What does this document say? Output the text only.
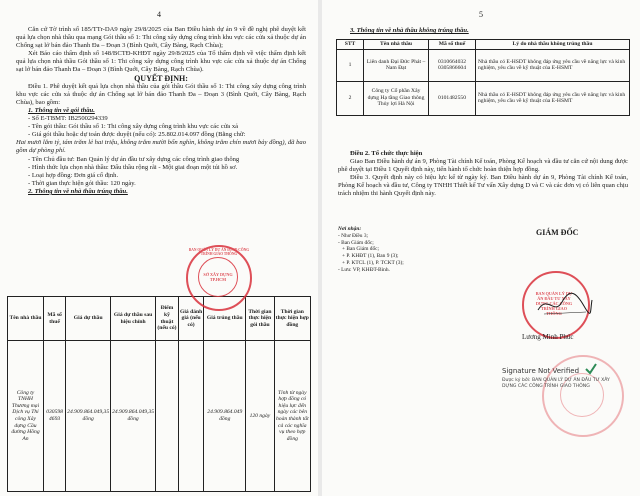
4

Căn cứ Tờ trình số 185/TTr-DA9 ngày 29/8/2025 của Ban Điều hành dự án 9 về đề nghị phê duyệt kết quả lựa chọn nhà thầu qua mạng Gói thầu số 1: Thi công xây dựng công trình khu vực các cửa xả thuộc dự án Chống sạt lở bán đảo Thanh Đa – Đoạn 3 (Bình Quới, Cây Bàng, Rạch Chùa);

Xét Báo cáo thẩm định số 148/BCTĐ-KHĐT ngày 29/8/2025 của Tổ thẩm định về việc thẩm định kết quả lựa chọn nhà thầu Gói thầu số 1: Thi công xây dựng công trình khu vực các cửa xả thuộc dự án Chống sạt lở bán đảo Thanh Đa – Đoạn 3 (Bình Quới, Cây Bàng, Rạch Chùa).

QUYẾT ĐỊNH:

Điều 1. Phê duyệt kết quả lựa chọn nhà thầu của gói thầu Gói thầu số 1: Thi công xây dựng công trình khu vực các cửa xả thuộc dự án Chống sạt lở bán đảo Thanh Đa – Đoạn 3 (Bình Quới, Cây Bàng, Rạch Chùa), bao gồm:

1. Thông tin về gói thầu.

- Số E-TBMT: IB2500294339

- Tên gói thầu: Gói thầu số 1: Thi công xây dựng công trình khu vực các cửa xả

- Giá gói thầu hoặc dự toán được duyệt (nếu có): 25.802.014.097 đồng (Bằng chữ:

Hai mươi lăm tỷ, tám trăm lẻ hai triệu, không trăm mười bốn nghìn, không trăm chín mươi bảy đồng), đã bao gồm dự phòng phí.

- Tên Chủ đầu tư: Ban Quản lý dự án đầu tư xây dựng các công trình giao thông

- Hình thức lựa chọn nhà thầu: Đấu thầu rộng rãi - Một giai đoạn một túi hồ sơ.

- Loại hợp đồng: Đơn giá cố định.

- Thời gian thực hiện gói thầu: 120 ngày.

2. Thông tin về nhà thầu trúng thầu.

Tên nhà thầu	Mã số thuế	Giá dự thầu	Giá dự thầu sau hiệu chỉnh	Điểm kỹ thuật (nếu có)	Giá đánh giá (nếu có)	Giá trúng thầu	Thời gian thực hiện gói thầu	Thời gian thực hiện hợp đồng
Công ty TNHH Thương mại Dịch vụ Thi công Xây dựng Cầu đường Hồng An	0305984693	24.909.864.049,35 đồng	24.909.864.049,35 đồng			24.909.864.049 đồng	120 ngày	Tính từ ngày hợp đồng có hiệu lực đến ngày các bên hoàn thành tất cả các nghĩa vụ theo hợp đồng
BAN QUẢN LÝ DỰ ÁN ĐTXD CÔNG TRÌNH GIAO THÔNG
SỞ XÂY DỰNG TP.HCM
5

3. Thông tin về nhà thầu không trúng thầu.

STT	Tên nhà thầu	Mã số thuế	Lý do nhà thầu không trúng thầu
1	Liên danh Đại Đức Phát – Nam Đạt	0310664032 0305866604	Nhà thầu có E-HSDT không đáp ứng yêu cầu về năng lực và kinh nghiệm, yêu cầu về kỹ thuật của E-HSMT
2	Công ty Cổ phần Xây dựng Hạ tầng Giao thông Thủy lợi Hà Nội	0101482550	Nhà thầu có E-HSDT không đáp ứng yêu cầu về năng lực và kinh nghiệm, yêu cầu về kỹ thuật của E-HSMT

Điều 2. Tổ chức thực hiện

Giao Ban Điều hành dự án 9, Phòng Tài chính Kế toán, Phòng Kế hoạch và đầu tư căn cứ nội dung được phê duyệt tại Điều 1 Quyết định này, tiến hành tổ chức hoàn thiện hợp đồng.

Điều 3. Quyết định này có hiệu lực kể từ ngày ký. Ban Điều hành dự án 9, Phòng Tài chính Kế toán, Phòng Kế hoạch và đầu tư, Công ty TNHH Thiết kế Tư vấn Xây dựng D và C và các đơn vị có liên quan chịu trách nhiệm thi hành Quyết định này.

Nơi nhận:
- Như Điều 3;
- Ban Giám đốc;
+ Ban Giám đốc;
+ P. KHĐT (1), Ban 9 (3);
+ P. KTCL (1), P. TCKT (3);
- Lưu: VP, KHĐT-Bình.
GIÁM ĐỐC
BAN QUẢN LÝ DỰ ÁN ĐẦU TƯ XÂY DỰNG CÁC CÔNG TRÌNH GIAO THÔNG
Lương Minh Phúc
Signature Not Verified
Được ký bởi: BAN QUẢN LÝ DỰ ÁN ĐẦU TƯ XÂY DỰNG CÁC CÔNG TRÌNH GIAO THÔNG
